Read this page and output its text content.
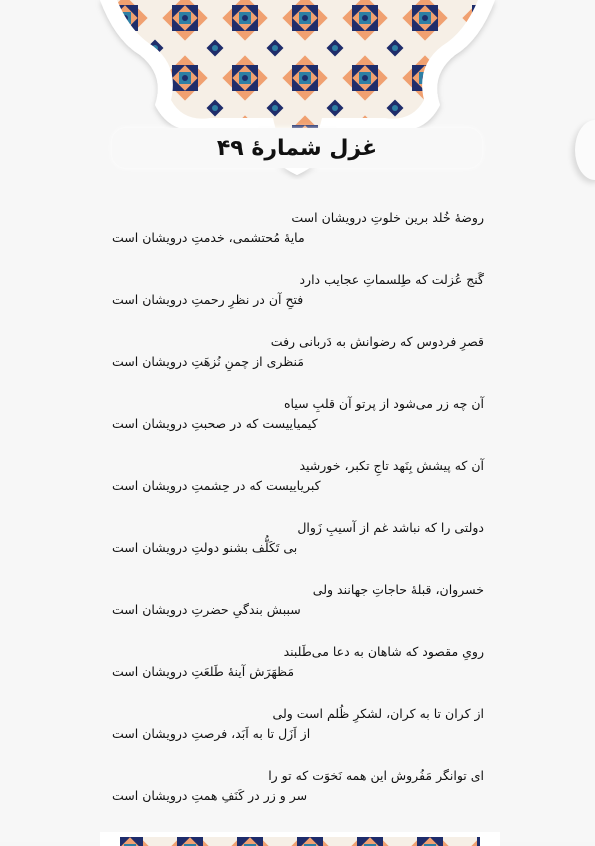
غزل شمارهٔ ۴۹
روضهٔ خُلد برین خلوتِ درویشان است
مایهٔ مُحتشمی، خدمتِ درویشان است
گَنج عُزلت که طِلسماتِ عجایب دارد
فتحِ آن در نظرِ رحمتِ درویشان است
قصرِ فردوس که رضوانش به دَربانی رفت
مَنظری از چمنِ نُزهَتِ درویشان است
آن چه زر می‌شود از پرتو آن قلبِ سیاه
کیمیاییست که در صحبتِ درویشان است
آن که پیشش بِنَهد تاجِ تکبر، خورشید
کبریاییست که در حِشمتِ درویشان است
دولتی را که نباشد غم از آسیبِ زَوال
بی تَکَلُّف بشنو دولتِ درویشان است
خسروان، قبلهٔ حاجاتِ جهانند ولی
سببش بندگیِ حضرتِ درویشان است
رویِ مقصود که شاهان به دعا می‌طَلبند
مَظهَرَش آینهٔ طَلعَتِ درویشان است
از کران تا به کران، لشکرِ ظُلم است ولی
از اَزَل تا به اَبَد، فرصتِ درویشان است
ای توانگر مَفُروش این همه نَخوَت که تو را
سر و زر در کَنَفِ همتِ درویشان است
